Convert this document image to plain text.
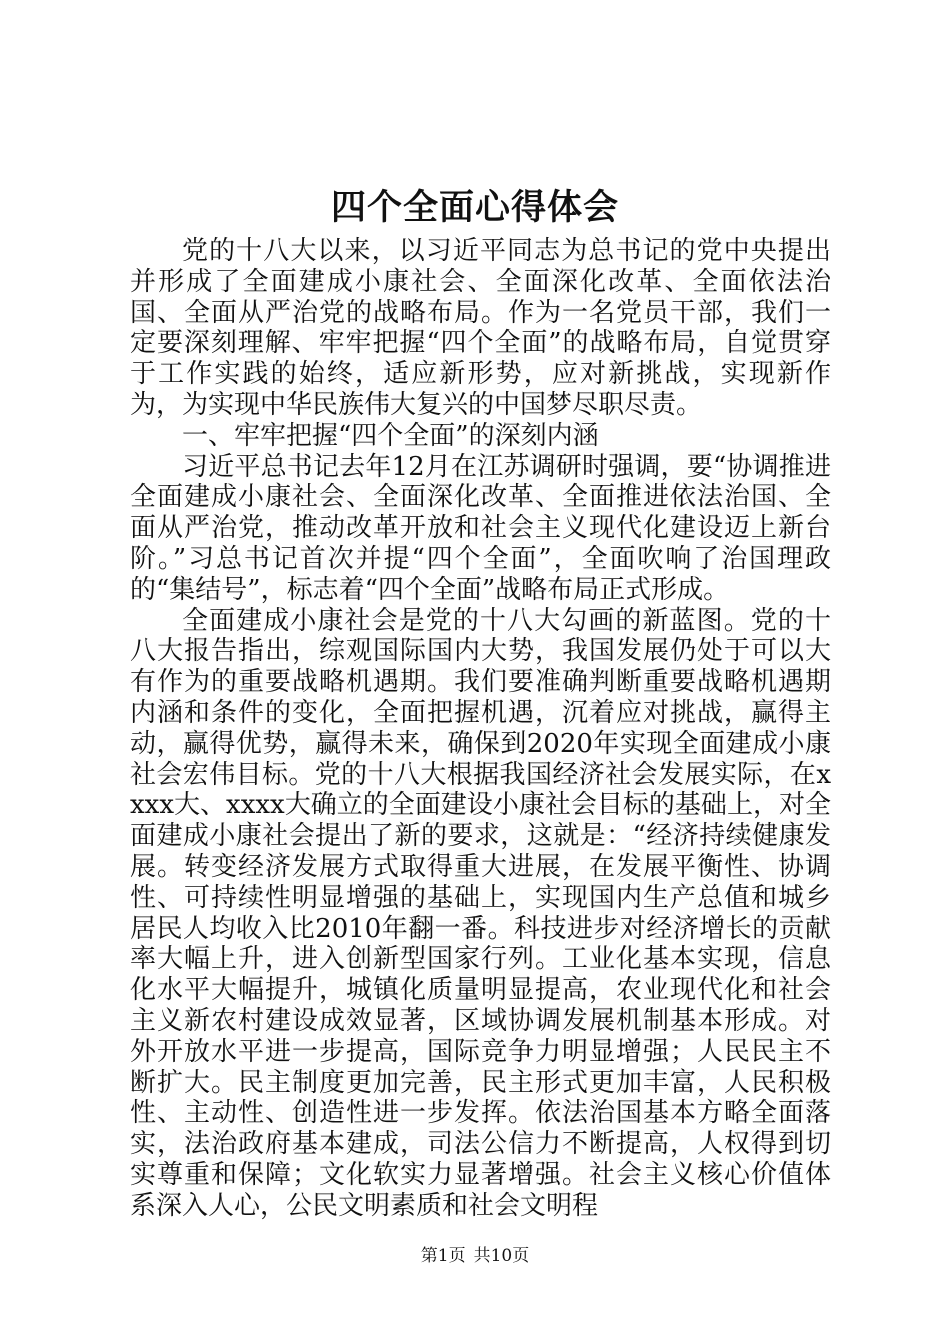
四个全面心得体会

党的十八大以来，以习近平同志为总书记的党中央提出并形成了全面建成小康社会、全面深化改革、全面依法治国、全面从严治党的战略布局。作为一名党员干部，我们一定要深刻理解、牢牢把握“四个全面”的战略布局，自觉贯穿于工作实践的始终，适应新形势，应对新挑战，实现新作为，为实现中华民族伟大复兴的中国梦尽职尽责。

一、牢牢把握“四个全面”的深刻内涵

习近平总书记去年12月在江苏调研时强调，要“协调推进全面建成小康社会、全面深化改革、全面推进依法治国、全面从严治党，推动改革开放和社会主义现代化建设迈上新台阶。”习总书记首次并提“四个全面”，全面吹响了治国理政的“集结号”，标志着“四个全面”战略布局正式形成。

全面建成小康社会是党的十八大勾画的新蓝图。党的十八大报告指出，综观国际国内大势，我国发展仍处于可以大有作为的重要战略机遇期。我们要准确判断重要战略机遇期内涵和条件的变化，全面把握机遇，沉着应对挑战，赢得主动，赢得优势，赢得未来，确保到2020年实现全面建成小康社会宏伟目标。党的十八大根据我国经济社会发展实际，在xxxx大、xxxx大确立的全面建设小康社会目标的基础上，对全面建成小康社会提出了新的要求，这就是：“经济持续健康发展。转变经济发展方式取得重大进展，在发展平衡性、协调性、可持续性明显增强的基础上，实现国内生产总值和城乡居民人均收入比2010年翻一番。科技进步对经济增长的贡献率大幅上升，进入创新型国家行列。工业化基本实现，信息化水平大幅提升，城镇化质量明显提高，农业现代化和社会主义新农村建设成效显著，区域协调发展机制基本形成。对外开放水平进一步提高，国际竞争力明显增强；人民民主不断扩大。民主制度更加完善，民主形式更加丰富，人民积极性、主动性、创造性进一步发挥。依法治国基本方略全面落实，法治政府基本建成，司法公信力不断提高，人权得到切实尊重和保障；文化软实力显著增强。社会主义核心价值体系深入人心，公民文明素质和社会文明程

第1页 共10页
